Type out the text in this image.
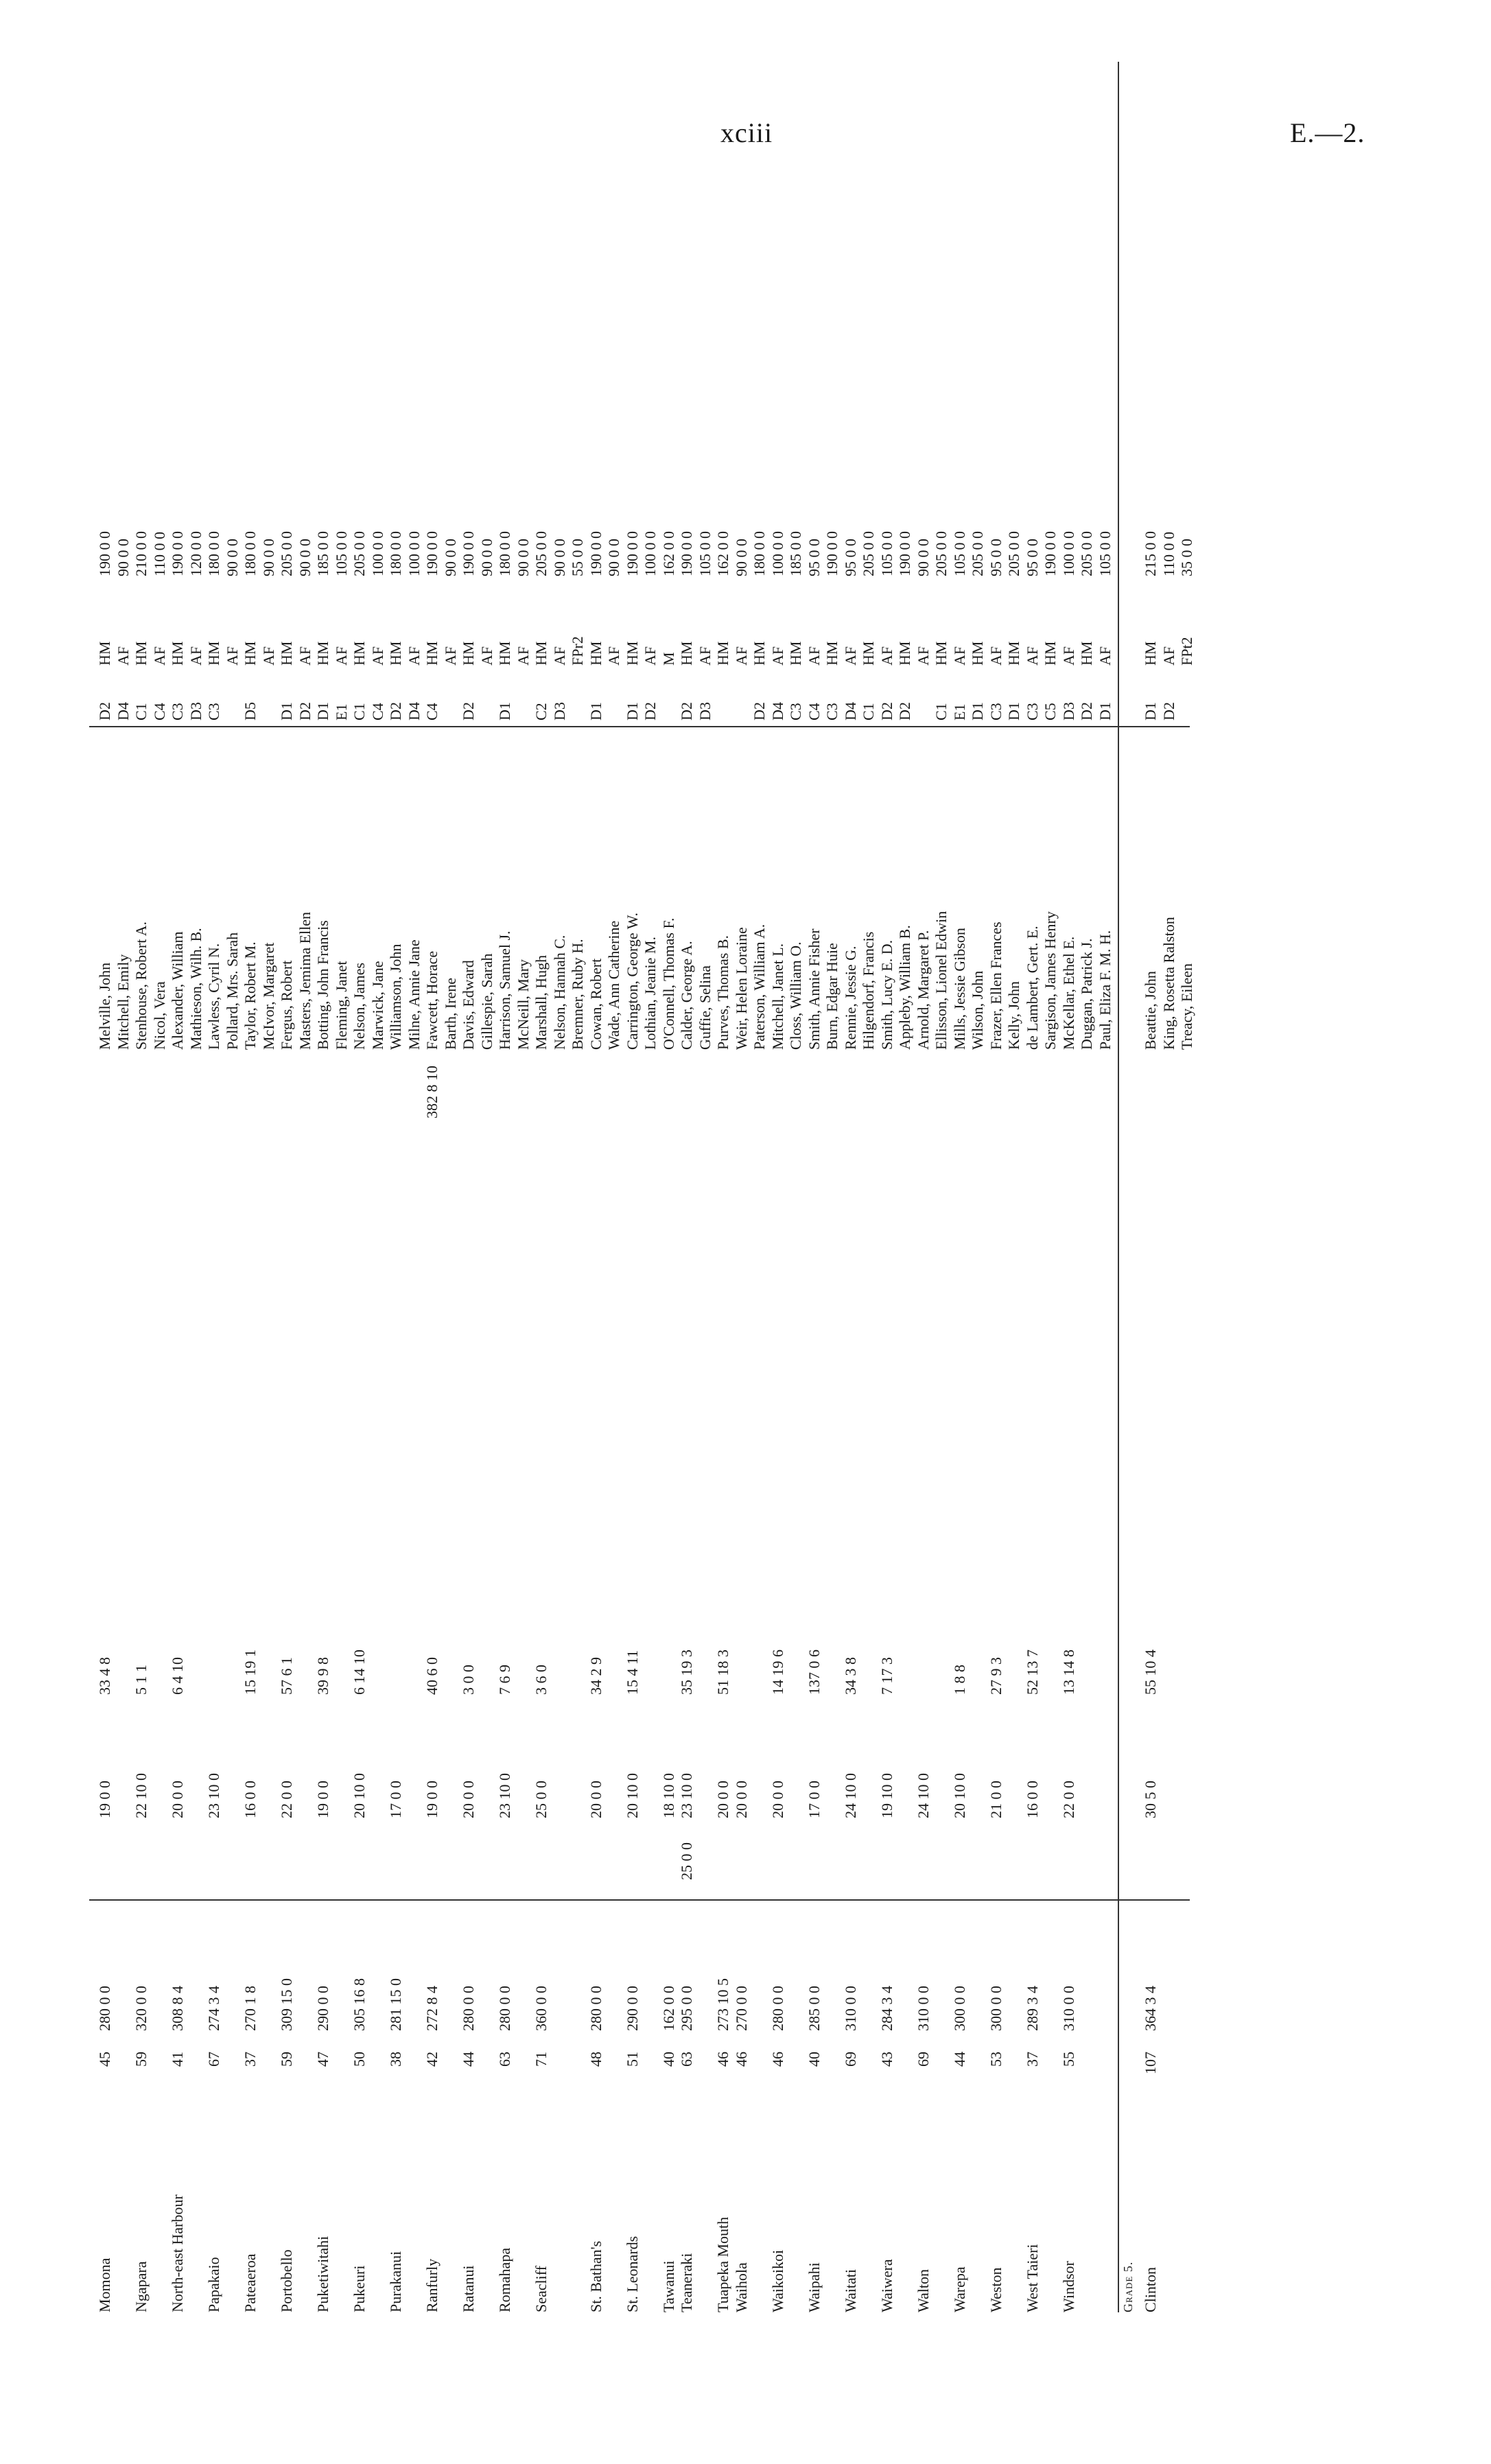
xciii	E.—2.
Momona
45
280 0 0
19 0 0
33 4 8
Melville, John
D2
HM
190 0 0
Mitchell, Emily
D4
AF
90 0 0
Ngapara
59
320 0 0
22 10 0
5 1 1
Stenhouse, Robert A.
C1
HM
210 0 0
Nicol, Vera
C4
AF
110 0 0
North-east Harbour
41
308 8 4
20 0 0
6 4 10
Alexander, William
C3
HM
190 0 0
Mathieson, Wilh. B.
D3
AF
120 0 0
Papakaio
67
274 3 4
23 10 0
Lawless, Cyril N.
C3
HM
180 0 0
Pollard, Mrs. Sarah
AF
90 0 0
Pateaeroa
37
270 1 8
16 0 0
15 19 1
Taylor, Robert M.
D5
HM
180 0 0
McIvor, Margaret
AF
90 0 0
Portobello
59
309 15 0
22 0 0
57 6 1
Fergus, Robert
D1
HM
205 0 0
Masters, Jemima Ellen
D2
AF
90 0 0
Puketiwitahi
47
290 0 0
19 0 0
39 9 8
Botting, John Francis
D1
HM
185 0 0
Fleming, Janet
E1
AF
105 0 0
Pukeuri
50
305 16 8
20 10 0
6 14 10
Nelson, James
C1
HM
205 0 0
Marwick, Jane
C4
AF
100 0 0
Purakanui
38
281 15 0
17 0 0
Williamson, John
D2
HM
180 0 0
Milne, Annie Jane
D4
AF
100 0 0
Ranfurly
42
272 8 4
19 0 0
40 6 0
382 8 10
Fawcett, Horace
C4
HM
190 0 0
Barth, Irene
AF
90 0 0
Ratanui
44
280 0 0
20 0 0
3 0 0
Davis, Edward
D2
HM
190 0 0
Gillespie, Sarah
AF
90 0 0
Romahapa
63
280 0 0
23 10 0
7 6 9
Harrison, Samuel J.
D1
HM
180 0 0
McNeill, Mary
AF
90 0 0
Seacliff
71
360 0 0
25 0 0
3 6 0
Marshall, Hugh
C2
HM
205 0 0
Nelson, Hannah C.
D3
AF
90 0 0
Bremner, Ruby H.
FPr2
55 0 0
St. Bathan's
48
280 0 0
20 0 0
34 2 9
Cowan, Robert
D1
HM
190 0 0
Wade, Ann Catherine
AF
90 0 0
St. Leonards
51
290 0 0
20 10 0
15 4 11
Carrington, George W.
D1
HM
190 0 0
Lothian, Jeanie M.
D2
AF
100 0 0
Tawanui
40
162 0 0
18 10 0
O'Connell, Thomas F.
M
162 0 0
Teaneraki
63
295 0 0
25 0 0
23 10 0
35 19 3
Calder, George A.
D2
HM
190 0 0
Guffie, Selina
D3
AF
105 0 0
Tuapeka Mouth
46
273 10 5
20 0 0
51 18 3
Purves, Thomas B.
HM
162 0 0
Waihola
46
270 0 0
20 0 0
Weir, Helen Loraine
AF
90 0 0
Paterson, William A.
D2
HM
180 0 0
Waikoikoi
46
280 0 0
20 0 0
14 19 6
Mitchell, Janet L.
D4
AF
100 0 0
Closs, William O.
C3
HM
185 0 0
Waipahi
40
285 0 0
17 0 0
137 0 6
Smith, Annie Fisher
C4
AF
95 0 0
Burn, Edgar Huie
C3
HM
190 0 0
Waitati
69
310 0 0
24 10 0
34 3 8
Rennie, Jessie G.
D4
AF
95 0 0
Hilgendorf, Francis
C1
HM
205 0 0
Waiwera
43
284 3 4
19 10 0
7 17 3
Smith, Lucy E. D.
D2
AF
105 0 0
Appleby, William B.
D2
HM
190 0 0
Walton
69
310 0 0
24 10 0
Arnold, Margaret P.
AF
90 0 0
Ellisson, Lionel Edwin
C1
HM
205 0 0
Warepa
44
300 0 0
20 10 0
1 8 8
Mills, Jessie Gibson
E1
AF
105 0 0
Wilson, John
D1
HM
205 0 0
Weston
53
300 0 0
21 0 0
27 9 3
Frazer, Ellen Frances
C3
AF
95 0 0
Kelly, John
D1
HM
205 0 0
West Taieri
37
289 3 4
16 0 0
52 13 7
de Lambert, Gert. E.
C3
AF
95 0 0
Sargison, James Henry
C5
HM
190 0 0
Windsor
55
310 0 0
22 0 0
13 14 8
McKellar, Ethel E.
D3
AF
100 0 0
Duggan, Patrick J.
D2
HM
205 0 0
Paul, Eliza F. M. H.
D1
AF
105 0 0
Clinton
107
364 3 4
30 5 0
55 10 4
Beattie, John
D1
HM
215 0 0
King, Rosetta Ralston
D2
AF
110 0 0
Treacy, Eileen
FPt2
35 0 0
Grade 5.
